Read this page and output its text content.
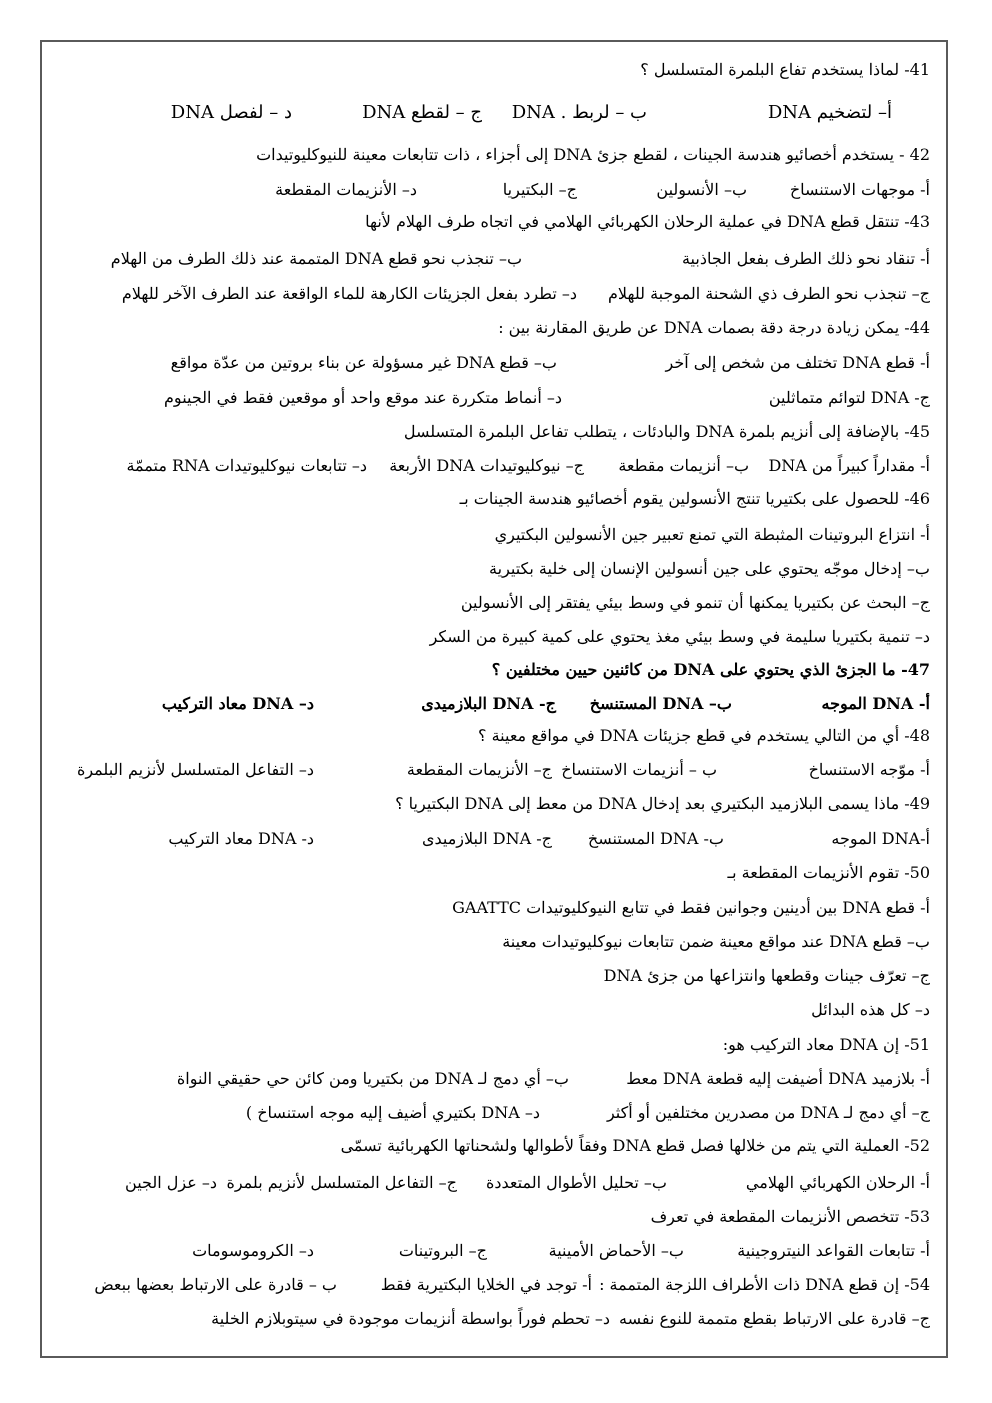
41- لماذا يستخدم تفاع البلمرة المتسلسل ؟
أ– لتضخيم DNA
ب – لربط . DNA
ج – لقطع DNA
د – لفصل DNA
42 - يستخدم أخصائيو هندسة الجينات ، لقطع جزئ DNA إلى أجزاء ، ذات تتابعات معينة للنيوكليوتيدات
أ- موجهات الاستنساخ
ب– الأنسولين
ج– البكتيريا
د– الأنزيمات المقطعة
43- تنتقل قطع DNA في عملية الرحلان الكهربائي الهلامي في اتجاه طرف الهلام لأنها
أ- تنقاد نحو ذلك الطرف بفعل الجاذبية
ب– تنجذب نحو قطع DNA المتممة عند ذلك الطرف من الهلام
ج– تنجذب نحو الطرف ذي الشحنة الموجبة للهلام
د– تطرد بفعل الجزيئات الكارهة للماء الواقعة عند الطرف الآخر للهلام
44- يمكن زيادة درجة دقة بصمات DNA عن طريق المقارنة بين :
أ- قطع DNA تختلف من شخص إلى آخر
ب– قطع DNA غير مسؤولة عن بناء بروتين من عدّة مواقع
ج- DNA لتوائم متماثلين
د– أنماط متكررة عند موقع واحد أو موقعين فقط في الجينوم
45- بالإضافة إلى أنزيم بلمرة DNA والبادئات ، يتطلب تفاعل البلمرة المتسلسل
أ- مقداراً كبيراً من DNA
ب– أنزيمات مقطعة
ج– نيوكليوتيدات DNA الأربعة
د– تتابعات نيوكليوتيدات RNA متممّة
46- للحصول على بكتيريا تنتج الأنسولين يقوم أخصائيو هندسة الجينات بـ
أ- انتزاع البروتينات المثبطة التي تمنع تعبير جين الأنسولين البكتيري
ب– إدخال موجّه يحتوي على جين أنسولين الإنسان إلى خلية بكتيرية
ج– البحث عن بكتيريا يمكنها أن تنمو في وسط بيئي يفتقر إلى الأنسولين
د– تنمية بكتيريا سليمة في وسط بيئي مغذ يحتوي على كمية كبيرة من السكر
47- ما الجزئ الذي يحتوي على DNA من كائنين حيين مختلفين ؟
أ- DNA الموجه
ب– DNA المستنسخ
ج- DNA البلازميدى
د– DNA معاد التركيب
48- أي من التالي يستخدم في قطع جزيئات DNA في مواقع معينة ؟
أ- موّجه الاستنساخ
ب – أنزيمات الاستنساخ
ج– الأنزيمات المقطعة
د– التفاعل المتسلسل لأنزيم البلمرة
49- ماذا يسمى البلازميد البكتيري بعد إدخال DNA من معط إلى DNA البكتيريا ؟
أ-DNA الموجه
ب- DNA المستنسخ
ج- DNA البلازميدى
د- DNA معاد التركيب
50- تقوم الأنزيمات المقطعة بـ
أ- قطع DNA بين أدينين وجوانين فقط في تتابع النيوكليوتيدات GAATTC
ب– قطع DNA عند مواقع معينة ضمن تتابعات نيوكليوتيدات معينة
ج– تعرّف جينات وقطعها وانتزاعها من جزئ DNA
د– كل هذه البدائل
51- إن DNA معاد التركيب هو:
أ- بلازميد DNA أضيفت إليه قطعة DNA معط
ب– أي دمج لـ DNA من بكتيريا ومن كائن حي حقيقي النواة
ج– أي دمج لـ DNA من مصدرين مختلفين أو أكثر
د– DNA بكتيري أضيف إليه موجه استنساخ )
52- العملية التي يتم من خلالها فصل قطع DNA وفقاً لأطوالها ولشحناتها الكهربائية تسمّى
أ- الرحلان الكهربائي الهلامي
ب– تحليل الأطوال المتعددة
ج– التفاعل المتسلسل لأنزيم بلمرة
د– عزل الجين
53- تتخصص الأنزيمات المقطعة في تعرف
أ- تتابعات القواعد النيتروجينية
ب– الأحماض الأمينية
ج– البروتينات
د– الكروموسومات
54- إن قطع DNA ذات الأطراف اللزجة المتممة :
أ- توجد في الخلايا البكتيرية فقط
ب – قادرة على الارتباط بعضها ببعض
ج– قادرة على الارتباط بقطع متممة للنوع نفسه
د– تحطم فوراً بواسطة أنزيمات موجودة في سيتوبلازم الخلية
